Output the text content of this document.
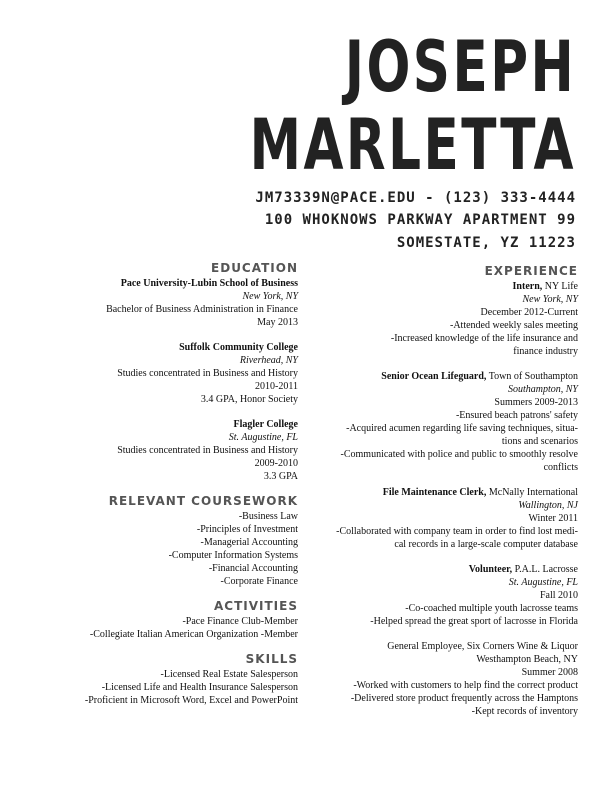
JOSEPH
MARLETTA
JM73339N@PACE.EDU - (123) 333-4444
100 WHOKNOWS PARKWAY APARTMENT 99
SOMESTATE, YZ 11223
EDUCATION
Pace University-Lubin School of Business
New York, NY
Bachelor of Business Administration in Finance
May 2013
Suffolk Community College
Riverhead, NY
Studies concentrated in Business and History
2010-2011
3.4 GPA, Honor Society
Flagler College
St. Augustine, FL
Studies concentrated in Business and History
2009-2010
3.3 GPA
RELEVANT COURSEWORK
-Business Law
-Principles of Investment
-Managerial Accounting
-Computer Information Systems
-Financial Accounting
-Corporate Finance
ACTIVITIES
-Pace Finance Club-Member
-Collegiate Italian American Organization -Member
SKILLS
-Licensed Real Estate Salesperson
-Licensed Life and Health Insurance Salesperson
-Proficient in Microsoft Word, Excel and PowerPoint
EXPERIENCE
Intern, NY Life
New York, NY
December 2012-Current
-Attended weekly sales meeting
-Increased knowledge of the life insurance and
finance industry
Senior Ocean Lifeguard, Town of Southampton
Southampton, NY
Summers 2009-2013
-Ensured beach patrons' safety
-Acquired acumen regarding life saving techniques, situa-
tions and scenarios
-Communicated with police and public to smoothly resolve
conflicts
File Maintenance Clerk, McNally International
Wallington, NJ
Winter 2011
-Collaborated with company team in order to find lost medi-
cal records in a large-scale computer database
Volunteer, P.A.L. Lacrosse
St. Augustine, FL
Fall 2010
-Co-coached multiple youth lacrosse teams
-Helped spread the great sport of lacrosse in Florida
General Employee, Six Corners Wine & Liquor
Westhampton Beach, NY
Summer 2008
-Worked with customers to help find the correct product
-Delivered store product frequently across the Hamptons
-Kept records of inventory
